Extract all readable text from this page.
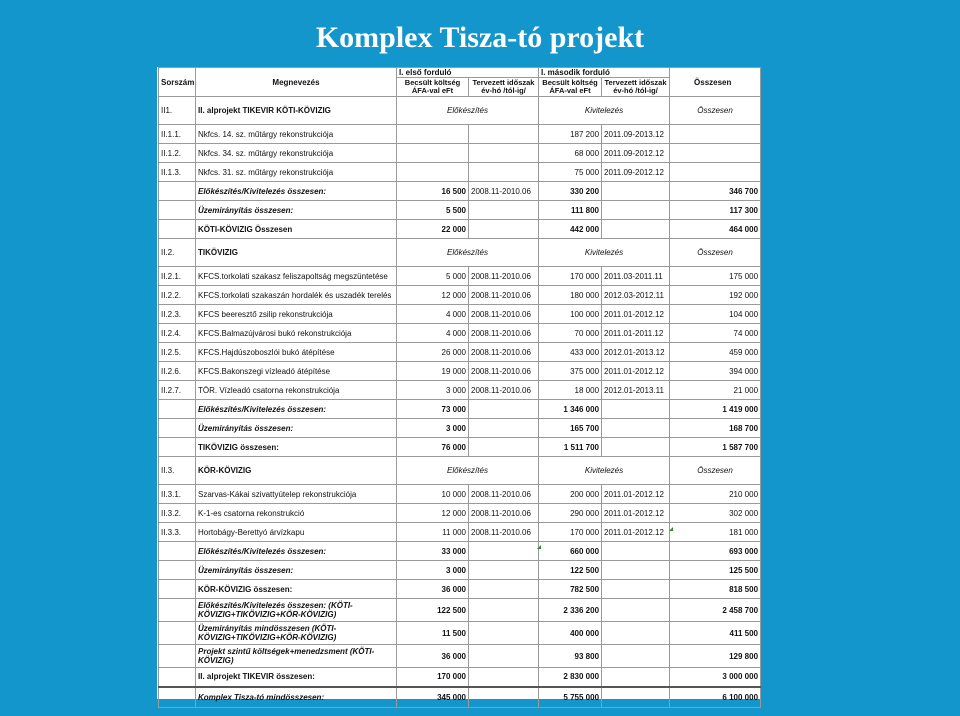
Komplex Tisza-tó projekt
Sorszám	Megnevezés	I. első forduló		I. második forduló		Összesen
		Becsült költség ÁFA-val eFt	Tervezett időszak év-hó /tól-ig/	Becsült költség ÁFA-val eFt	Tervezett időszak év-hó /tól-ig/	
II1.	II. alprojekt TIKEVIR KÖTI-KÖVIZIG	Előkészítés		Kivitelezés		Összesen
II.1.1.	Nkfcs. 14. sz. műtárgy rekonstrukciója			187 200	2011.09-2013.12	
II.1.2.	Nkfcs. 34. sz. műtárgy rekonstrukciója			68 000	2011.09-2012.12	
II.1.3.	Nkfcs. 31. sz. műtárgy rekonstrukciója			75 000	2011.09-2012.12	
	Előkészítés/Kivitelezés összesen:	16 500	2008.11-2010.06	330 200		346 700
	Üzemirányítás összesen:	5 500		111 800		117 300
	KÖTI-KÖVIZIG Összesen	22 000		442 000		464 000
II.2.	TIKÖVIZIG	Előkészítés		Kivitelezés		Összesen
II.2.1.	KFCS.torkolati szakasz feliszapoltság megszüntetése	5 000	2008.11-2010.06	170 000	2011.03-2011.11	175 000
II.2.2.	KFCS.torkolati szakaszán hordalék és uszadék terelés	12 000	2008.11-2010.06	180 000	2012.03-2012.11	192 000
II.2.3.	KFCS beeresztő zsilip rekonstrukciója	4 000	2008.11-2010.06	100 000	2011.01-2012.12	104 000
II.2.4.	KFCS.Balmazújvárosi bukó rekonstrukciója	4 000	2008.11-2010.06	70 000	2011.01-2011.12	74 000
II.2.5.	KFCS.Hajdúszoboszlói bukó átépítése	26 000	2008.11-2010.06	433 000	2012.01-2013.12	459 000
II.2.6.	KFCS.Bakonszegi vízleadó átépítése	19 000	2008.11-2010.06	375 000	2011.01-2012.12	394 000
II.2.7.	TÖR. Vízleadó csatorna rekonstrukciója	3 000	2008.11-2010.06	18 000	2012.01-2013.11	21 000
	Előkészítés/Kivitelezés összesen:	73 000		1 346 000		1 419 000
	Üzemirányítás összesen:	3 000		165 700		168 700
	TIKÖVIZIG összesen:	76 000		1 511 700		1 587 700
II.3.	KÖR-KÖVIZIG	Előkészítés		Kivitelezés		Összesen
II.3.1.	Szarvas-Kákai szivattyútelep rekonstrukciója	10 000	2008.11-2010.06	200 000	2011.01-2012.12	210 000
II.3.2.	K-1-es csatorna rekonstrukció	12 000	2008.11-2010.06	290 000	2011.01-2012.12	302 000
II.3.3.	Hortobágy-Berettyó árvízkapu	11 000	2008.11-2010.06	170 000	2011.01-2012.12	181 000
	Előkészítés/Kivitelezés összesen:	33 000		660 000		693 000
	Üzemirányítás összesen:	3 000		122 500		125 500
	KÖR-KÖVIZIG összesen:	36 000		782 500		818 500
	Előkészítés/Kivitelezés összesen: (KÖTI-KÖVIZIG+TIKÖVIZIG+KÖR-KÖVIZIG)	122 500		2 336 200		2 458 700
	Üzemirányítás mindösszesen (KÖTI-KÖVIZIG+TIKÖVIZIG+KÖR-KÖVIZIG)	11 500		400 000		411 500
	Projekt szintű költségek+menedzsment (KÖTI-KÖVIZIG)	36 000		93 800		129 800
	II. alprojekt TIKEVIR összesen:	170 000		2 830 000		3 000 000
	Komplex Tisza-tó mindösszesen:	345 000		5 755 000		6 100 000
